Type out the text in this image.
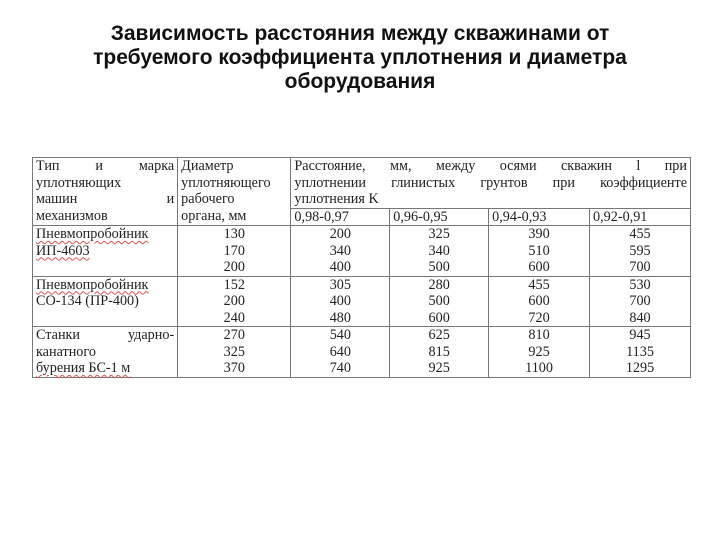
Зависимость расстояния между скважинами от
требуемого коэффициента уплотнения и диаметра
оборудования
Тип и марка
уплотняющих
машин и
механизмов	Диаметр
уплотняющего
рабочего
органа, мм	Расстояние, мм, между осями скважин l при
уплотнении глинистых грунтов при коэффициенте
уплотнения K			

		0,98-0,97	0,96-0,95	0,94-0,93	0,92-0,91
Пневмопробойник	130	200	325	390	455
ИП-4603	170	340	340	510	595
	200	400	500	600	700
Пневмопробойник	152	305	280	455	530
СО-134 (ПР-400)	200	400	500	600	700
	240	480	600	720	840

Станки ударно-	270	540	625	810	945
канатного	325	640	815	925	1135
бурения БС-1 м	370	740	925	1100	1295
